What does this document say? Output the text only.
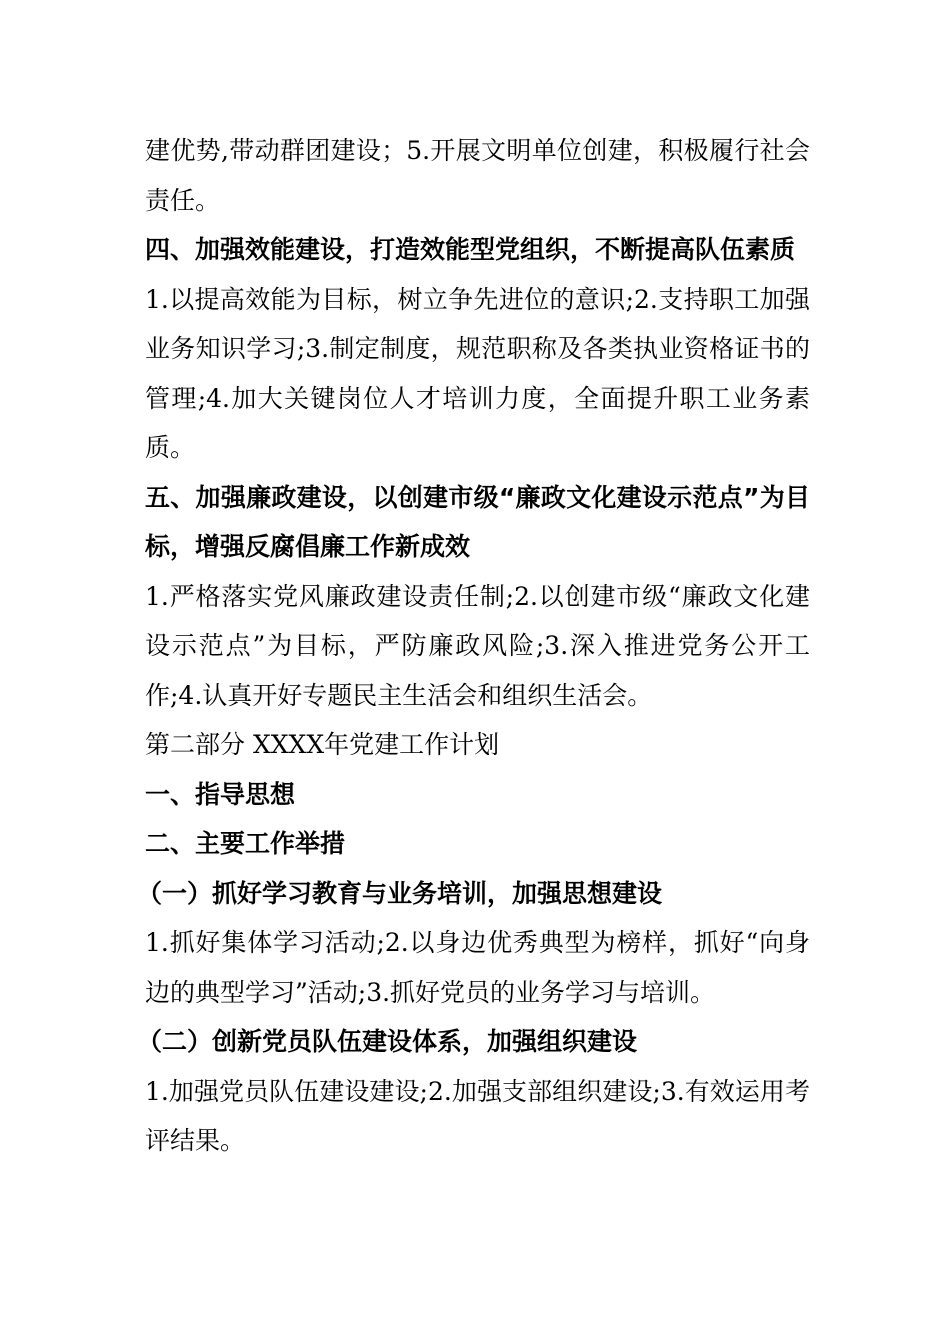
建优势,带动群团建设；5.开展文明单位创建，积极履行社会责任。

四、加强效能建设，打造效能型党组织，不断提高队伍素质

1.以提高效能为目标，树立争先进位的意识;2.支持职工加强业务知识学习;3.制定制度，规范职称及各类执业资格证书的管理;4.加大关键岗位人才培训力度，全面提升职工业务素质。

五、加强廉政建设，以创建市级“廉政文化建设示范点”为目标，增强反腐倡廉工作新成效

1.严格落实党风廉政建设责任制;2.以创建市级“廉政文化建设示范点”为目标，严防廉政风险;3.深入推进党务公开工作;4.认真开好专题民主生活会和组织生活会。

第二部分 XXXX年党建工作计划

一、指导思想

二、主要工作举措

（一）抓好学习教育与业务培训，加强思想建设

1.抓好集体学习活动;2.以身边优秀典型为榜样，抓好“向身边的典型学习”活动;3.抓好党员的业务学习与培训。

（二）创新党员队伍建设体系，加强组织建设

1.加强党员队伍建设建设;2.加强支部组织建设;3.有效运用考评结果。
